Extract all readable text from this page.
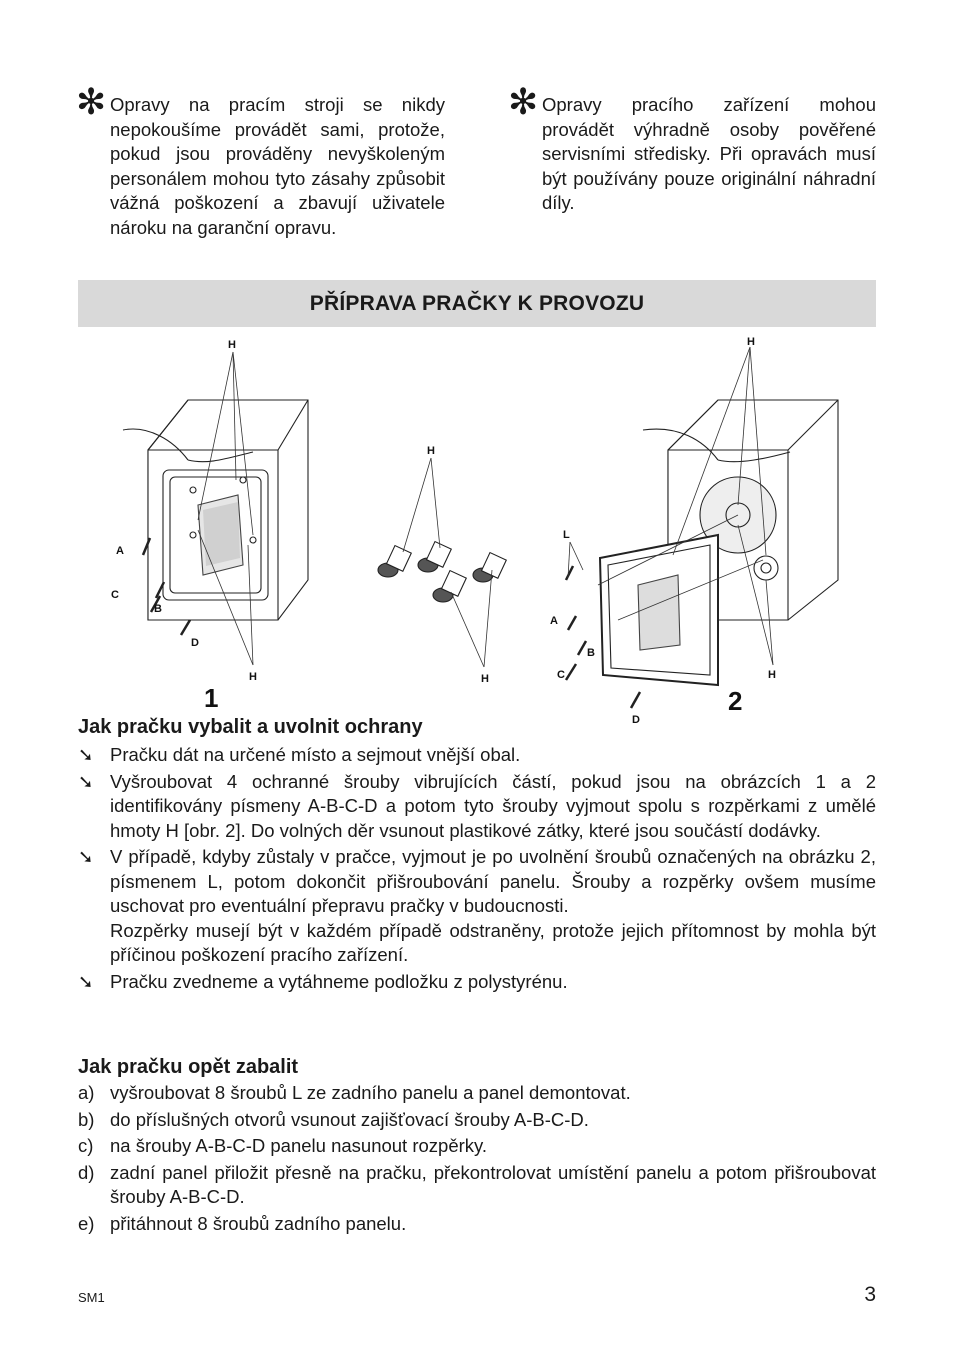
✻ Opravy na pracím stroji se nikdy nepokoušíme provádět sami, protože, pokud jsou prováděny nevyškoleným personálem mohou tyto zásahy způsobit vážná poškození a zbavují uživatele nároku na garanční opravu.
✻ Opravy pracího zařízení mohou provádět výhradně osoby pověřené servisními středisky. Při opravách musí být používány pouze originální náhradní díly.
PŘÍPRAVA PRAČKY K PROVOZU
H
A
C
B
D
H
H
H
H
L
A
B
C
D
H
1	2
Jak pračku vybalit a uvolnit ochrany
➘ Pračku dát na určené místo a sejmout vnější obal.

➘ Vyšroubovat 4 ochranné šrouby vibrujících částí, pokud jsou na obrázcích 1 a 2 identifikovány písmeny A-B-C-D a potom tyto šrouby vyjmout spolu s rozpěrkami z umělé hmoty H [obr. 2]. Do volných děr vsunout plastikové zátky, které jsou součástí dodávky.

➘ V případě, kdyby zůstaly v pračce, vyjmout je po uvolnění šroubů označených na obrázku 2, písmenem L, potom dokončit přišroubování panelu. Šrouby a rozpěrky ovšem musíme uschovat pro eventuální přepravu pračky v budoucnosti.

Rozpěrky musejí být v každém případě odstraněny, protože jejich přítomnost by mohla být příčinou poškození pracího zařízení.

➘ Pračku zvedneme a vytáhneme podložku z polystyrénu.

Jak pračku opět zabalit
a) vyšroubovat 8 šroubů L ze zadního panelu a panel demontovat.

b) do příslušných otvorů vsunout zajišťovací šrouby A-B-C-D.

c) na šrouby A-B-C-D panelu nasunout rozpěrky.

d) zadní panel přiložit přesně na pračku, překontrolovat umístění panelu a potom přišroubovat šrouby A-B-C-D.

e) přitáhnout 8 šroubů zadního panelu.

SM1	3
